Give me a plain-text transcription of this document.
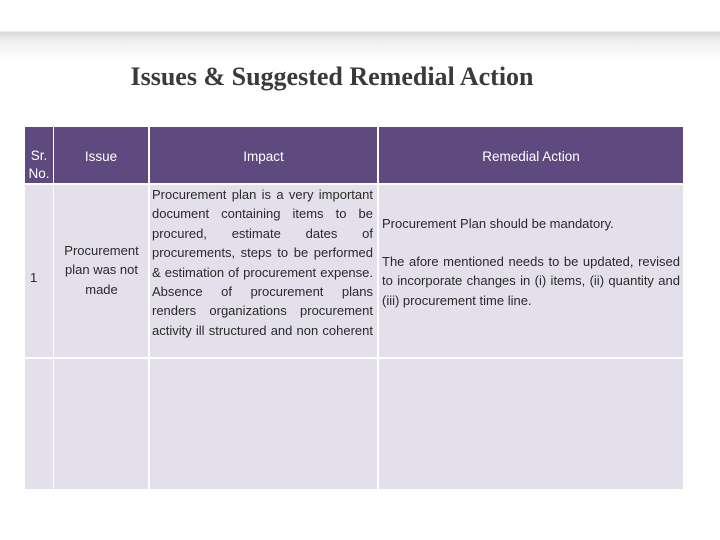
Issues & Suggested Remedial Action
Sr. No.
Issue	Impact	Remedial Action
1
Procurement plan was not made
Procurement plan is a very important document containing items to be procured, estimate dates of procurements, steps to be performed & estimation of procurement expense. Absence of procurement plans renders organizations procurement activity ill structured and non coherent
Procurement Plan should be mandatory.
The afore mentioned needs to be updated, revised to incorporate changes in (i) items, (ii) quantity and (iii) procurement time line.
